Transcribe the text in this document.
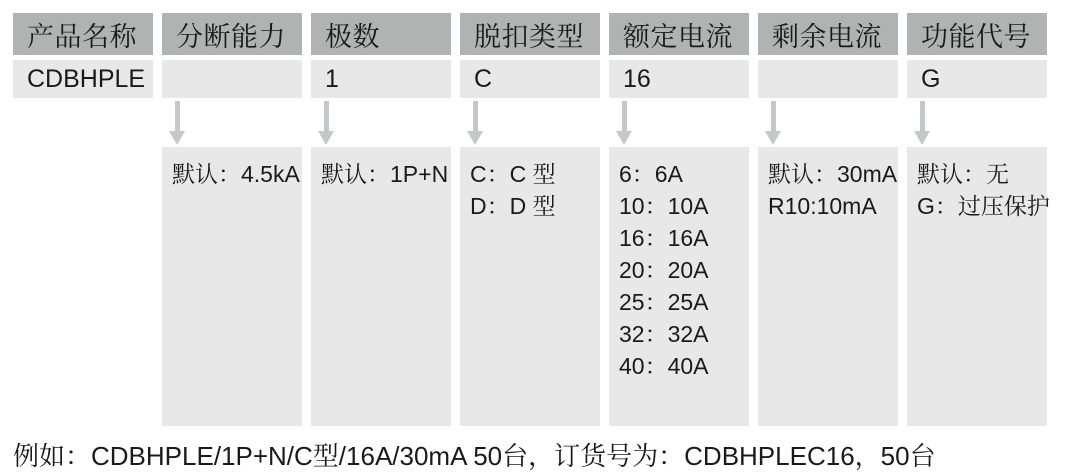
产品名称
CDBHPLE
分断能力
默认：4.5kA
极数
1
默认：1P+N
脱扣类型
C
C：C 型
D：D 型
额定电流
16
6：6A
10：10A
16：16A
20：20A
25：25A
32：32A
40：40A
剩余电流
默认：30mA
R10:10mA
功能代号
G
默认：无
G：过压保护
例如：CDBHPLE/1P+N/C型/16A/30mA 50台，订货号为：CDBHPLEC16，50台
